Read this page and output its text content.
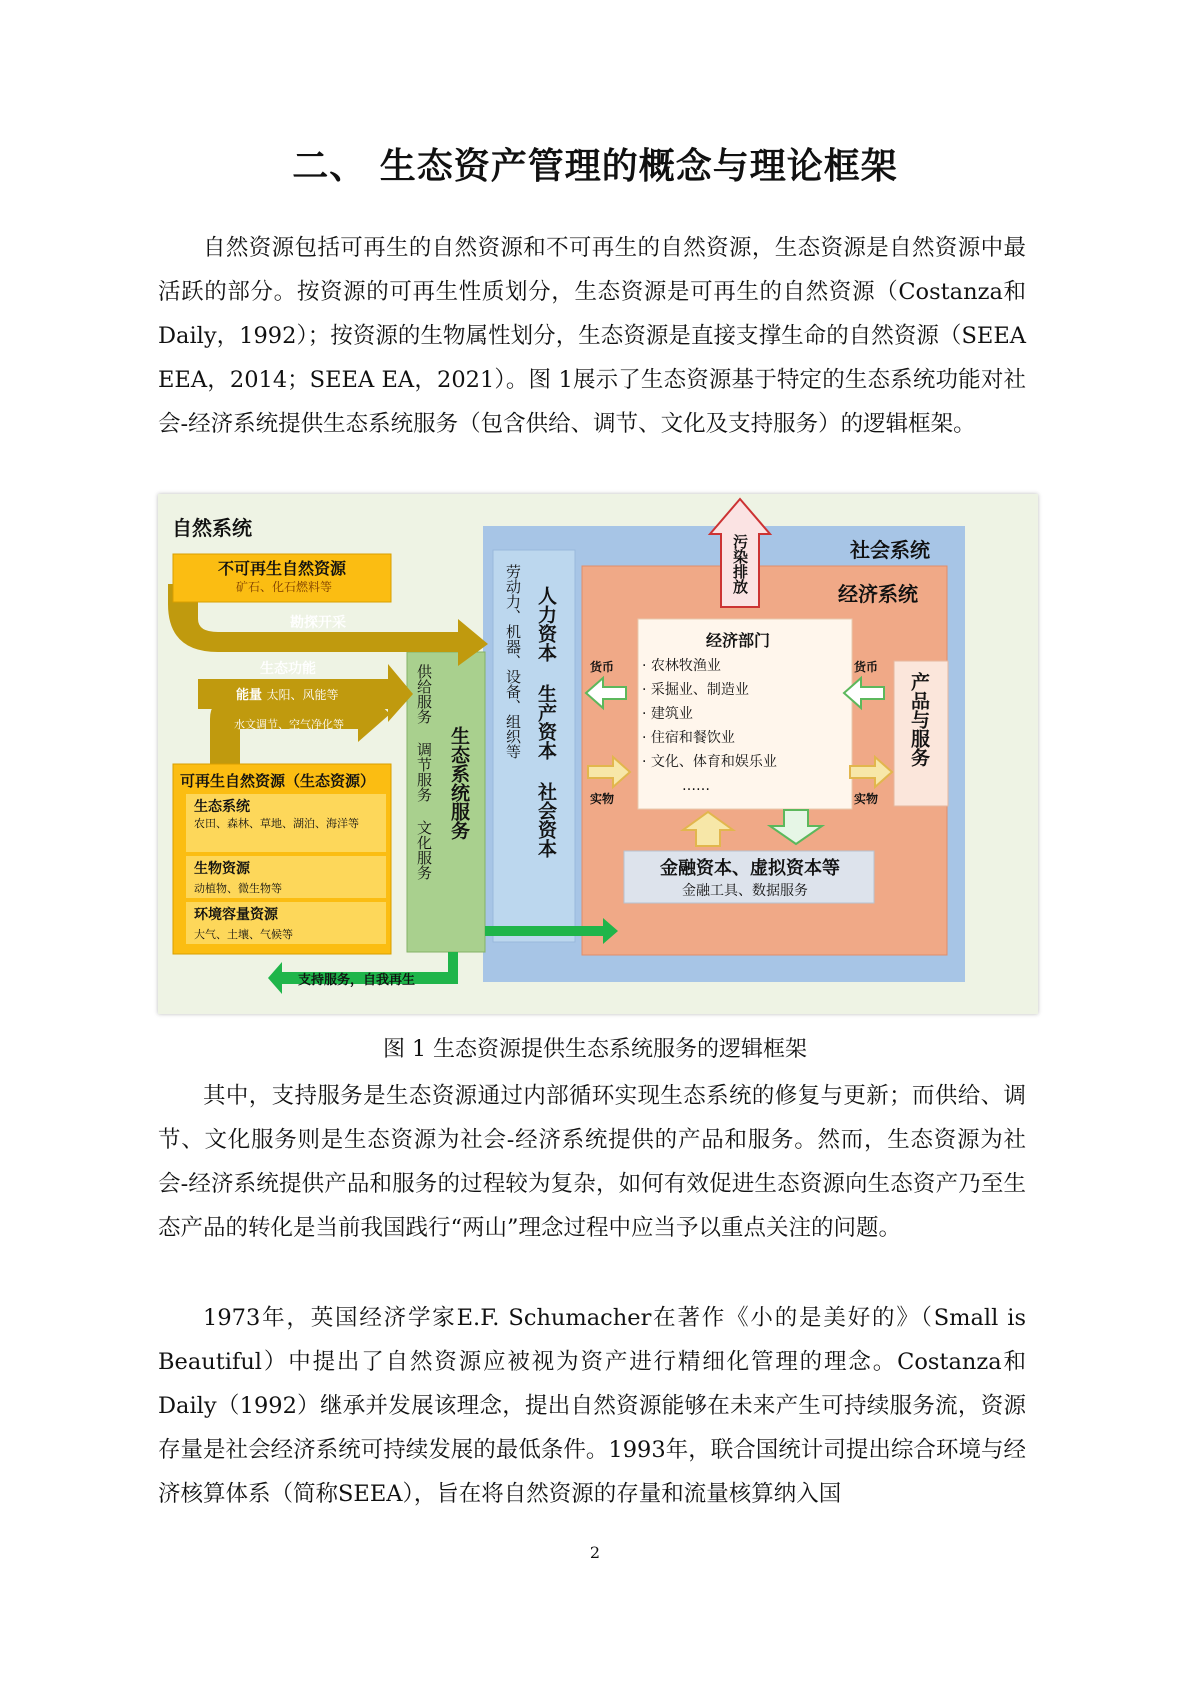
二、 生态资产管理的概念与理论框架

自然资源包括可再生的自然资源和不可再生的自然资源，生态资源是自然资源中最活跃的部分。按资源的可再生性质划分，生态资源是可再生的自然资源（Costanza和Daily，1992）；按资源的生物属性划分，生态资源是直接支撑生命的自然资源（SEEA EEA，2014；SEEA EA，2021）。图 1展示了生态资源基于特定的生态系统功能对社会-经济系统提供生态系统服务（包含供给、调节、文化及支持服务）的逻辑框架。

自然系统
不可再生自然资源
矿石、化石燃料等
勘探开采
能量 太阳、风能等
生态功能
水文调节、空气净化等
可再生自然资源（生态资源）
生态系统
农田、森林、草地、湖泊、海洋等
生物资源
动植物、微生物等
环境容量资源
大气、土壤、气候等
供给服务 调节服务 文化服务 生态系统服务
支持服务，自我再生
污染排放	社会系统
经济系统
劳动力、机器、设备、组织等 人力资本 生产资本 社会资本	经济部门
· 农林牧渔业
· 采掘业、制造业
· 建筑业
· 住宿和餐饮业
· 文化、体育和娱乐业
……
货币
实物
货币
实物
产品与服务
金融资本、虚拟资本等
金融工具、数据服务
图 1 生态资源提供生态系统服务的逻辑框架

其中，支持服务是生态资源通过内部循环实现生态系统的修复与更新；而供给、调节、文化服务则是生态资源为社会-经济系统提供的产品和服务。然而，生态资源为社会-经济系统提供产品和服务的过程较为复杂，如何有效促进生态资源向生态资产乃至生态产品的转化是当前我国践行“两山”理念过程中应当予以重点关注的问题。

1973年，英国经济学家E.F. Schumacher在著作《小的是美好的》（Small is Beautiful）中提出了自然资源应被视为资产进行精细化管理的理念。Costanza和Daily（1992）继承并发展该理念，提出自然资源能够在未来产生可持续服务流，资源存量是社会经济系统可持续发展的最低条件。1993年，联合国统计司提出综合环境与经济核算体系（简称SEEA），旨在将自然资源的存量和流量核算纳入国

2
